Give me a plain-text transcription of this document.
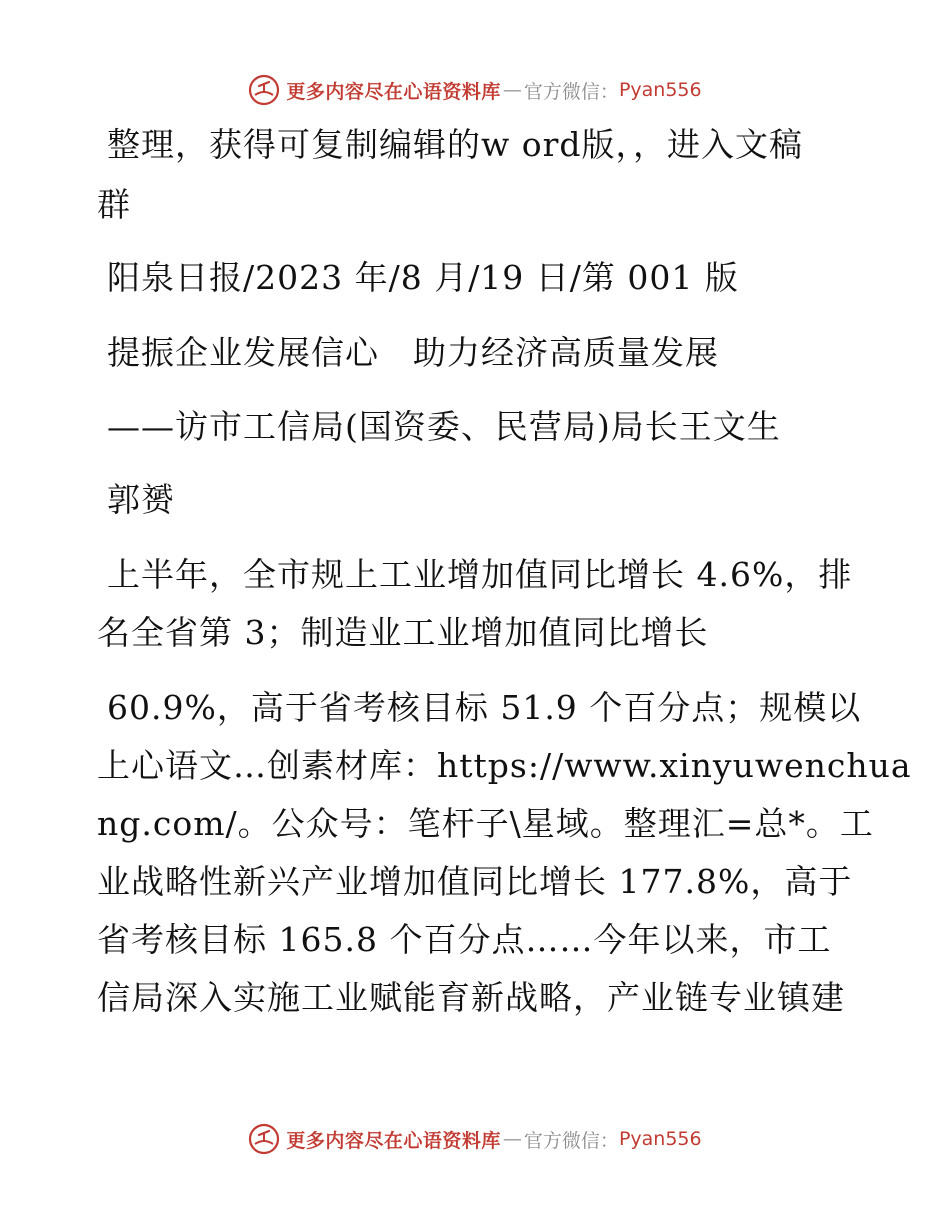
更多内容尽在心语资料库 — 官方微信： Pyan556
整理，获得可复制编辑的w ord版，，进入文稿
群
阳泉日报/2023 年/8 月/19 日/第 001 版
提振企业发展信心　助力经济高质量发展
——访市工信局(国资委、民营局)局长王文生
郭赟
上半年，全市规上工业增加值同比增长 4.6%，排
名全省第 3；制造业工业增加值同比增长
60.9%，高于省考核目标 51.9 个百分点；规模以
上心语文…创素材库：https://www.xinyuwenchua
ng.com/。公众号：笔杆子\星域。整理汇=总*。工
业战略性新兴产业增加值同比增长 177.8%，高于
省考核目标 165.8 个百分点……今年以来，市工
信局深入实施工业赋能育新战略，产业链专业镇建
更多内容尽在心语资料库 — 官方微信： Pyan556
